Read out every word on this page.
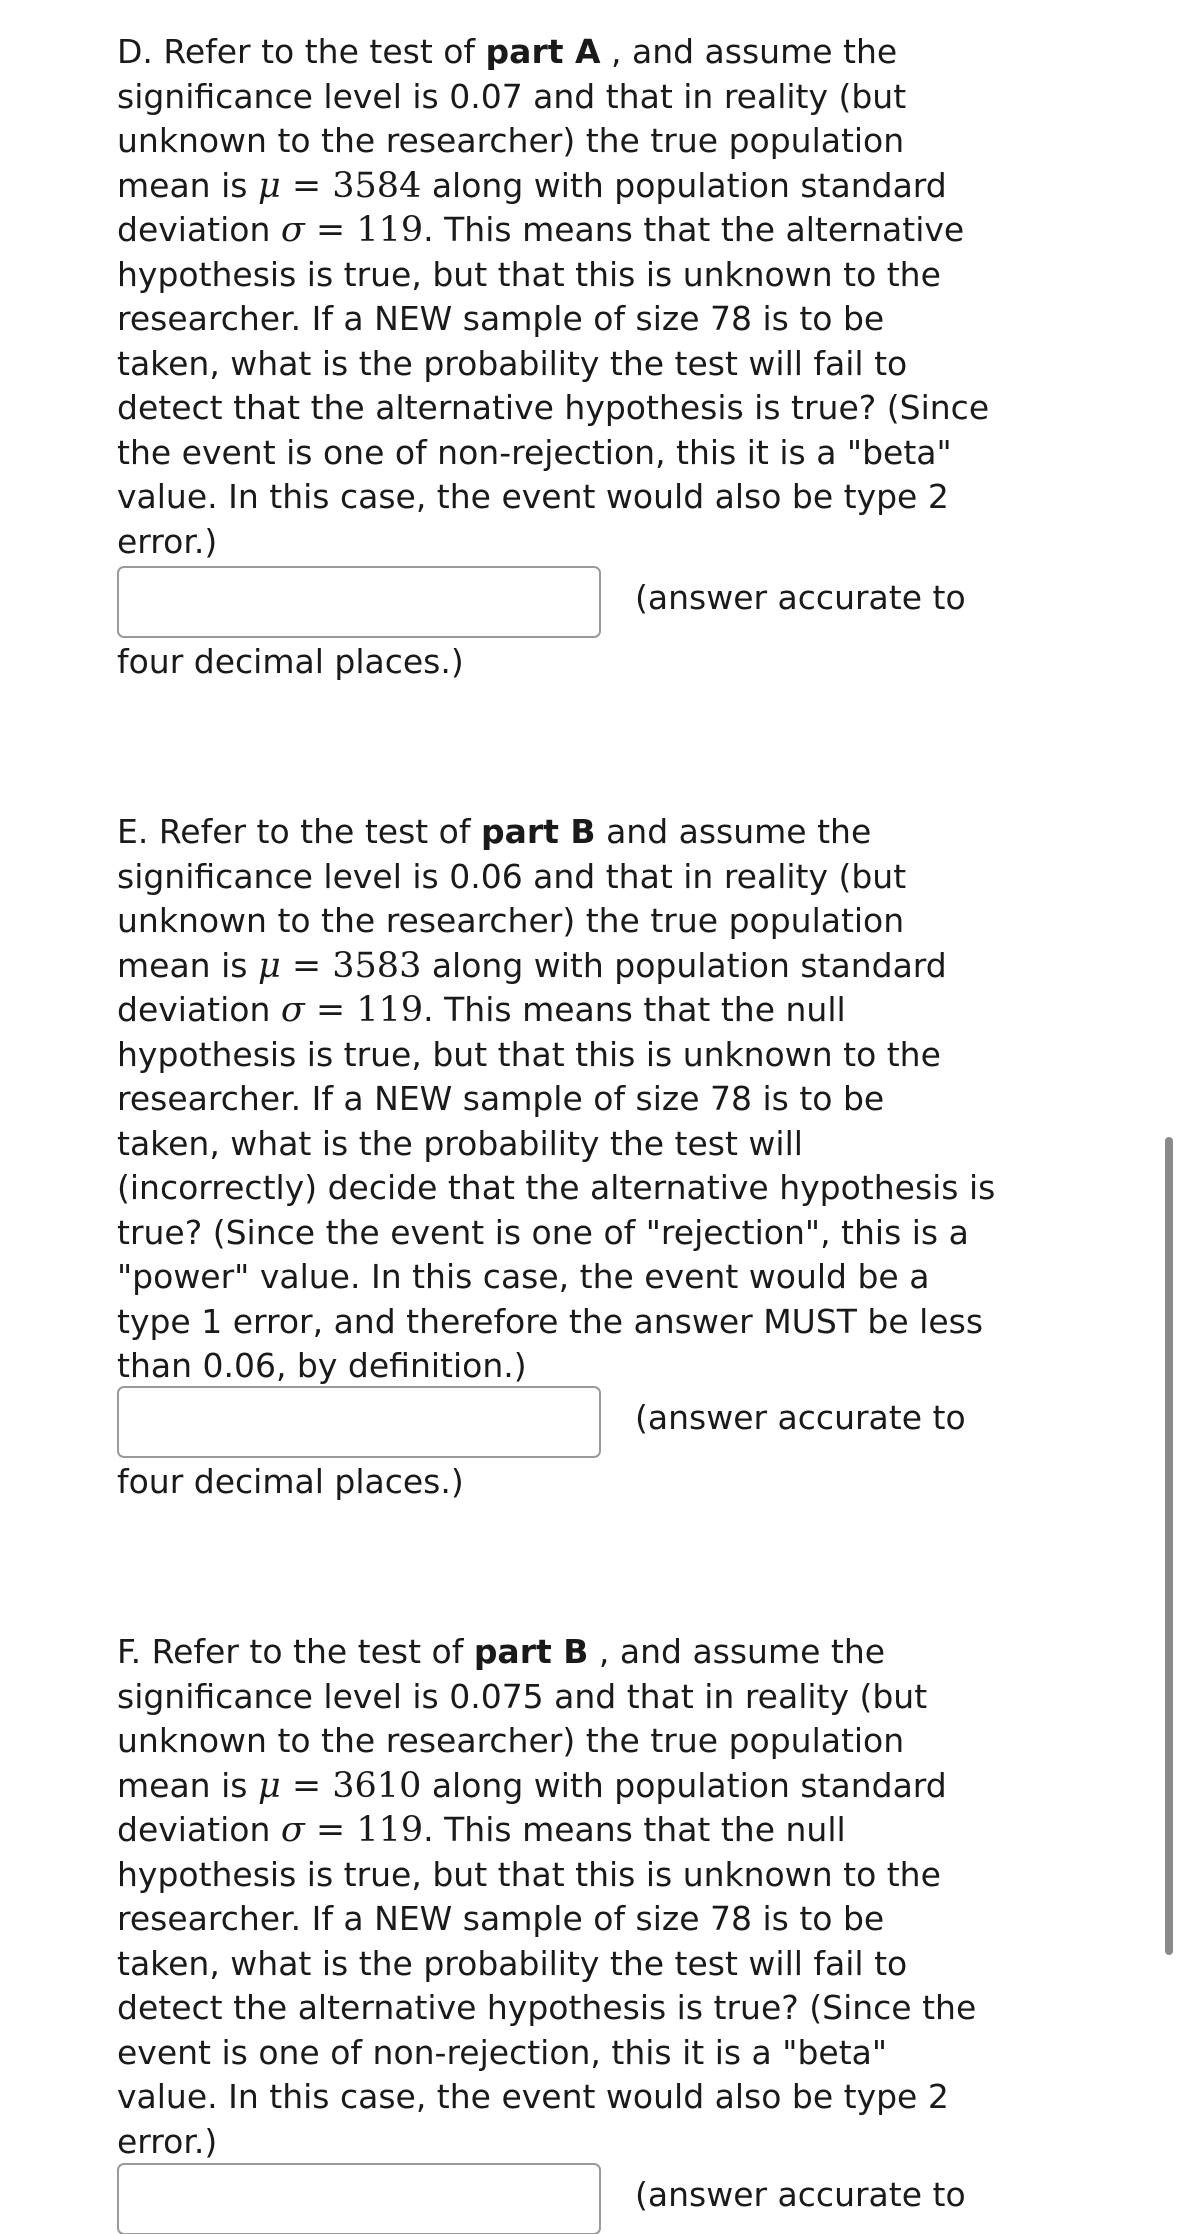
D. Refer to the test of part A , and assume the significance level is 0.07 and that in reality (but unknown to the researcher) the true population mean is μ = 3584 along with population standard deviation σ = 119. This means that the alternative hypothesis is true, but that this is unknown to the researcher. If a NEW sample of size 78 is to be taken, what is the probability the test will fail to detect that the alternative hypothesis is true? (Since the event is one of non-rejection, this it is a "beta" value. In this case, the event would also be type 2 error.)

(answer accurate to
four decimal places.)

E. Refer to the test of part B and assume the significance level is 0.06 and that in reality (but unknown to the researcher) the true population mean is μ = 3583 along with population standard deviation σ = 119. This means that the null hypothesis is true, but that this is unknown to the researcher. If a NEW sample of size 78 is to be taken, what is the probability the test will (incorrectly) decide that the alternative hypothesis is true? (Since the event is one of "rejection", this is a "power" value. In this case, the event would be a type 1 error, and therefore the answer MUST be less than 0.06, by definition.)

(answer accurate to
four decimal places.)

F. Refer to the test of part B , and assume the significance level is 0.075 and that in reality (but unknown to the researcher) the true population mean is μ = 3610 along with population standard deviation σ = 119. This means that the null hypothesis is true, but that this is unknown to the researcher. If a NEW sample of size 78 is to be taken, what is the probability the test will fail to detect the alternative hypothesis is true? (Since the event is one of non-rejection, this it is a "beta" value. In this case, the event would also be type 2 error.)

(answer accurate to
